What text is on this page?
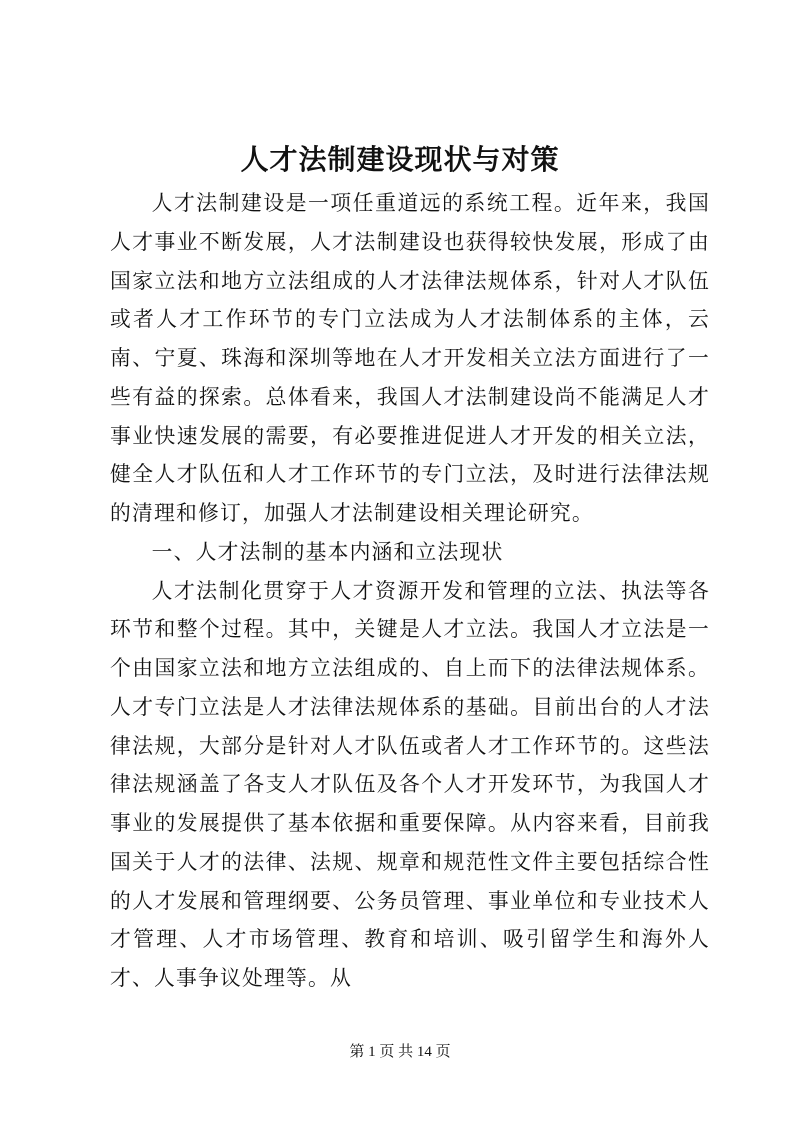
人才法制建设现状与对策

人才法制建设是一项任重道远的系统工程。近年来，我国人才事业不断发展，人才法制建设也获得较快发展，形成了由国家立法和地方立法组成的人才法律法规体系，针对人才队伍或者人才工作环节的专门立法成为人才法制体系的主体，云南、宁夏、珠海和深圳等地在人才开发相关立法方面进行了一些有益的探索。总体看来，我国人才法制建设尚不能满足人才事业快速发展的需要，有必要推进促进人才开发的相关立法，健全人才队伍和人才工作环节的专门立法，及时进行法律法规的清理和修订，加强人才法制建设相关理论研究。

一、人才法制的基本内涵和立法现状

人才法制化贯穿于人才资源开发和管理的立法、执法等各环节和整个过程。其中，关键是人才立法。我国人才立法是一个由国家立法和地方立法组成的、自上而下的法律法规体系。人才专门立法是人才法律法规体系的基础。目前出台的人才法律法规，大部分是针对人才队伍或者人才工作环节的。这些法律法规涵盖了各支人才队伍及各个人才开发环节，为我国人才事业的发展提供了基本依据和重要保障。从内容来看，目前我国关于人才的法律、法规、规章和规范性文件主要包括综合性的人才发展和管理纲要、公务员管理、事业单位和专业技术人才管理、人才市场管理、教育和培训、吸引留学生和海外人才、人事争议处理等。从

第 1 页 共 14 页
